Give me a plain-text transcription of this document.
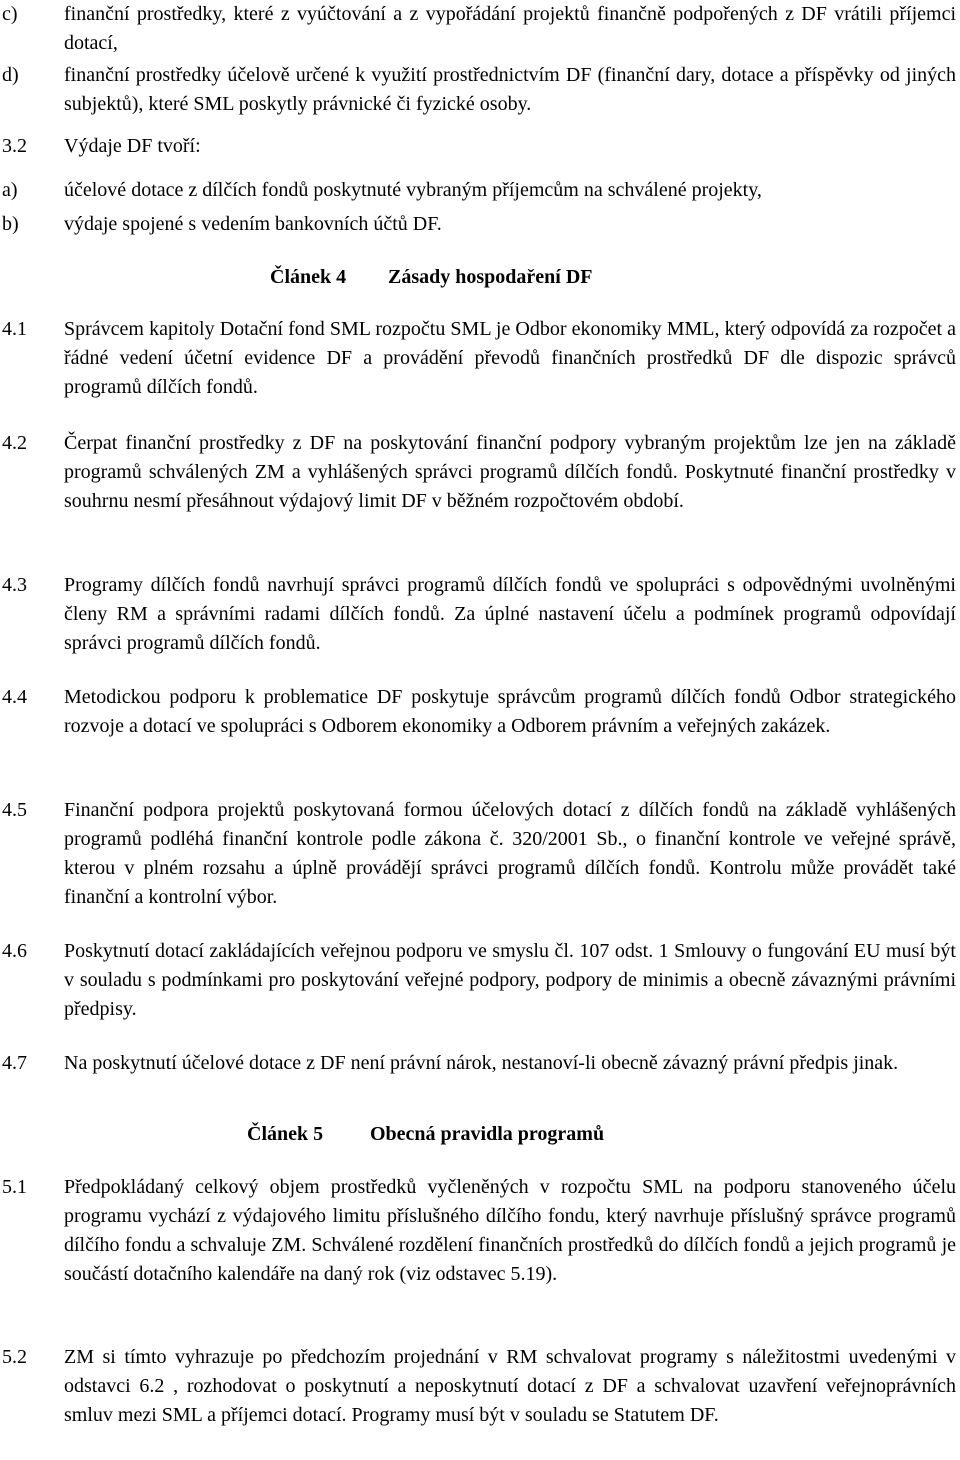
c) finanční prostředky, které z vyúčtování a z vypořádání projektů finančně podpořených z DF vrátili příjemci dotací,
d) finanční prostředky účelově určené k využití prostřednictvím DF (finanční dary, dotace a příspěvky od jiných subjektů), které SML poskytly právnické či fyzické osoby.
3.2 Výdaje DF tvoří:
a) účelové dotace z dílčích fondů poskytnuté vybraným příjemcům na schválené projekty,
b) výdaje spojené s vedením bankovních účtů DF.
Článek 4 Zásady hospodaření DF
4.1 Správcem kapitoly Dotační fond SML rozpočtu SML je Odbor ekonomiky MML, který odpovídá za rozpočet a řádné vedení účetní evidence DF a provádění převodů finančních prostředků DF dle dispozic správců programů dílčích fondů.
4.2 Čerpat finanční prostředky z DF na poskytování finanční podpory vybraným projektům lze jen na základě programů schválených ZM a vyhlášených správci programů dílčích fondů. Poskytnuté finanční prostředky v souhrnu nesmí přesáhnout výdajový limit DF v běžném rozpočtovém období.
4.3 Programy dílčích fondů navrhují správci programů dílčích fondů ve spolupráci s odpovědnými uvolněnými členy RM a správními radami dílčích fondů. Za úplné nastavení účelu a podmínek programů odpovídají správci programů dílčích fondů.
4.4 Metodickou podporu k problematice DF poskytuje správcům programů dílčích fondů Odbor strategického rozvoje a dotací ve spolupráci s Odborem ekonomiky a Odborem právním a veřejných zakázek.
4.5 Finanční podpora projektů poskytovaná formou účelových dotací z dílčích fondů na základě vyhlášených programů podléhá finanční kontrole podle zákona č. 320/2001 Sb., o finanční kontrole ve veřejné správě, kterou v plném rozsahu a úplně provádějí správci programů dílčích fondů. Kontrolu může provádět také finanční a kontrolní výbor.
4.6 Poskytnutí dotací zakládajících veřejnou podporu ve smyslu čl. 107 odst. 1 Smlouvy o fungování EU musí být v souladu s podmínkami pro poskytování veřejné podpory, podpory de minimis a obecně závaznými právními předpisy.
4.7 Na poskytnutí účelové dotace z DF není právní nárok, nestanoví-li obecně závazný právní předpis jinak.
Článek 5 Obecná pravidla programů
5.1 Předpokládaný celkový objem prostředků vyčleněných v rozpočtu SML na podporu stanoveného účelu programu vychází z výdajového limitu příslušného dílčího fondu, který navrhuje příslušný správce programů dílčího fondu a schvaluje ZM. Schválené rozdělení finančních prostředků do dílčích fondů a jejich programů je součástí dotačního kalendáře na daný rok (viz odstavec 5.19).
5.2 ZM si tímto vyhrazuje po předchozím projednání v RM schvalovat programy s náležitostmi uvedenými v odstavci 6.2 , rozhodovat o poskytnutí a neposkytnutí dotací z DF a schvalovat uzavření veřejnoprávních smluv mezi SML a příjemci dotací. Programy musí být v souladu se Statutem DF.
